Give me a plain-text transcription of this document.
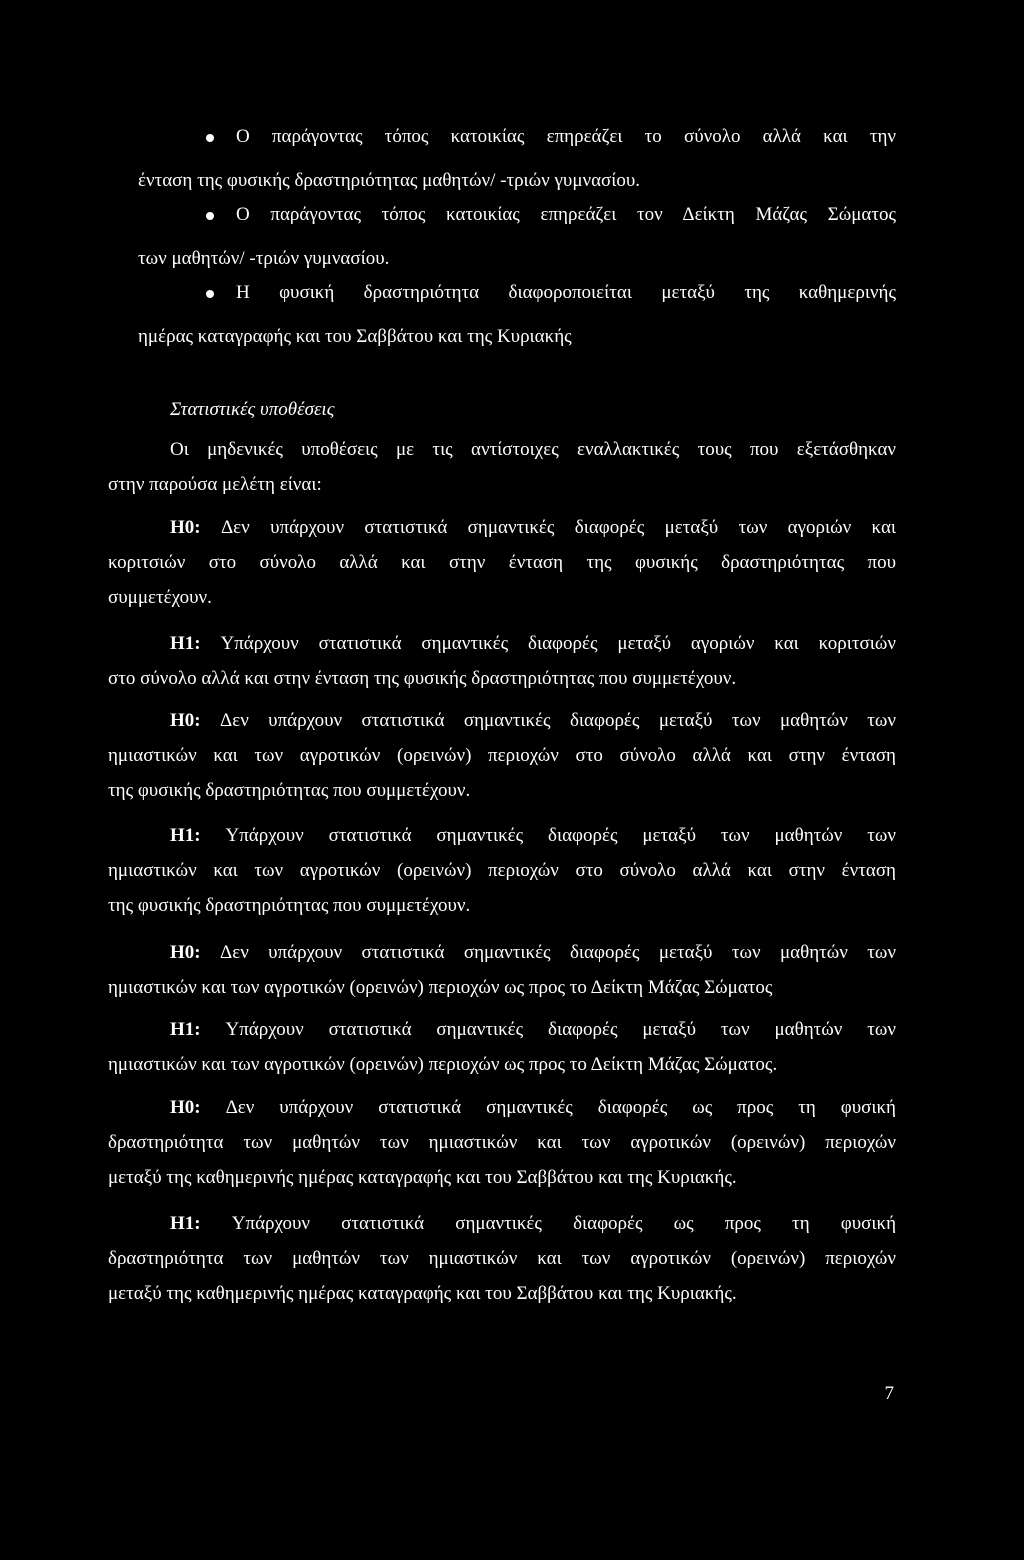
Ο παράγοντας τόπος κατοικίας επηρεάζει το σύνολο αλλά και την
ένταση της φυσικής δραστηριότητας μαθητών/ -τριών γυμνασίου.
Ο παράγοντας τόπος κατοικίας επηρεάζει τον Δείκτη Μάζας Σώματος
των μαθητών/ -τριών γυμνασίου.
Η φυσική δραστηριότητα διαφοροποιείται μεταξύ της καθημερινής
ημέρας καταγραφής και του Σαββάτου και της Κυριακής
Στατιστικές υποθέσεις
Οι μηδενικές υποθέσεις με τις αντίστοιχες εναλλακτικές τους που εξετάσθηκαν
στην παρούσα μελέτη είναι:
H0: Δεν υπάρχουν στατιστικά σημαντικές διαφορές μεταξύ των αγοριών και
κοριτσιών στο σύνολο αλλά και στην ένταση της φυσικής δραστηριότητας που
συμμετέχουν.
H1: Υπάρχουν στατιστικά σημαντικές διαφορές μεταξύ αγοριών και κοριτσιών
στο σύνολο αλλά και στην ένταση της φυσικής δραστηριότητας που συμμετέχουν.
H0: Δεν υπάρχουν στατιστικά σημαντικές διαφορές μεταξύ των μαθητών των
ημιαστικών και των αγροτικών (ορεινών) περιοχών στο σύνολο αλλά και στην ένταση
της φυσικής δραστηριότητας που συμμετέχουν.
H1: Υπάρχουν στατιστικά σημαντικές διαφορές μεταξύ των μαθητών των
ημιαστικών και των αγροτικών (ορεινών) περιοχών στο σύνολο αλλά και στην ένταση
της φυσικής δραστηριότητας που συμμετέχουν.
H0: Δεν υπάρχουν στατιστικά σημαντικές διαφορές μεταξύ των μαθητών των
ημιαστικών και των αγροτικών (ορεινών) περιοχών ως προς το Δείκτη Μάζας Σώματος
H1: Υπάρχουν στατιστικά σημαντικές διαφορές μεταξύ των μαθητών των
ημιαστικών και των αγροτικών (ορεινών) περιοχών ως προς το Δείκτη Μάζας Σώματος.
H0: Δεν υπάρχουν στατιστικά σημαντικές διαφορές ως προς τη φυσική
δραστηριότητα των μαθητών των ημιαστικών και των αγροτικών (ορεινών) περιοχών
μεταξύ της καθημερινής ημέρας καταγραφής και του Σαββάτου και της Κυριακής.
H1: Υπάρχουν στατιστικά σημαντικές διαφορές ως προς τη φυσική
δραστηριότητα των μαθητών των ημιαστικών και των αγροτικών (ορεινών) περιοχών
μεταξύ της καθημερινής ημέρας καταγραφής και του Σαββάτου και της Κυριακής.
7
